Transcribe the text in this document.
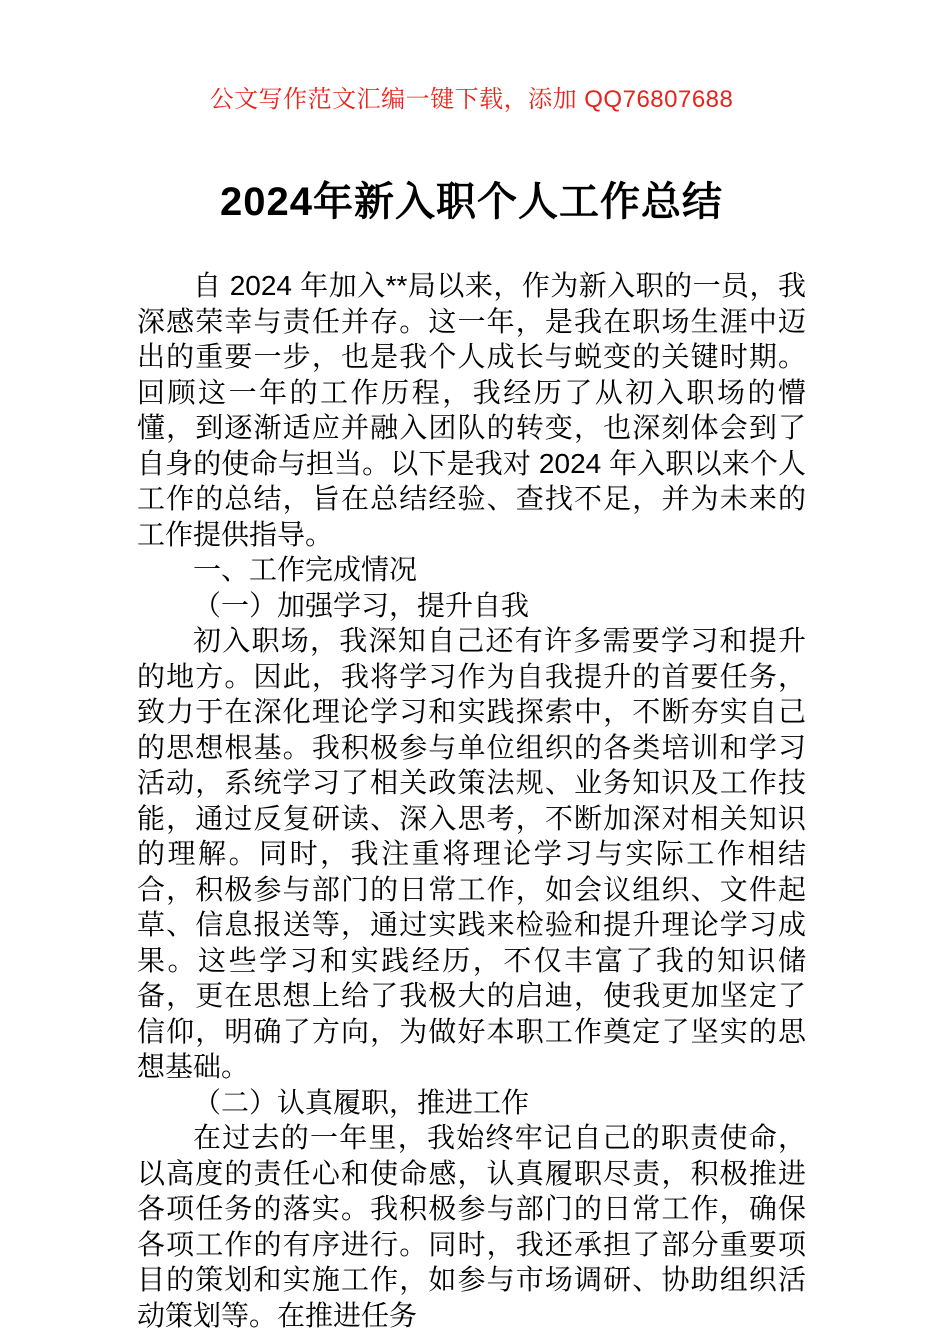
公文写作范文汇编一键下载，添加 QQ76807688
2024年新入职个人工作总结

自 2024 年加入**局以来，作为新入职的一员，我深感荣幸与责任并存。这一年，是我在职场生涯中迈出的重要一步，也是我个人成长与蜕变的关键时期。回顾这一年的工作历程，我经历了从初入职场的懵懂，到逐渐适应并融入团队的转变，也深刻体会到了自身的使命与担当。以下是我对 2024 年入职以来个人工作的总结，旨在总结经验、查找不足，并为未来的工作提供指导。

一、工作完成情况

（一）加强学习，提升自我

初入职场，我深知自己还有许多需要学习和提升的地方。因此，我将学习作为自我提升的首要任务，致力于在深化理论学习和实践探索中，不断夯实自己的思想根基。我积极参与单位组织的各类培训和学习活动，系统学习了相关政策法规、业务知识及工作技能，通过反复研读、深入思考，不断加深对相关知识的理解。同时，我注重将理论学习与实际工作相结合，积极参与部门的日常工作，如会议组织、文件起草、信息报送等，通过实践来检验和提升理论学习成果。这些学习和实践经历，不仅丰富了我的知识储备，更在思想上给了我极大的启迪，使我更加坚定了信仰，明确了方向，为做好本职工作奠定了坚实的思想基础。

（二）认真履职，推进工作

在过去的一年里，我始终牢记自己的职责使命，以高度的责任心和使命感，认真履职尽责，积极推进各项任务的落实。我积极参与部门的日常工作，确保各项工作的有序进行。同时，我还承担了部分重要项目的策划和实施工作，如参与市场调研、协助组织活动策划等。在推进任务
